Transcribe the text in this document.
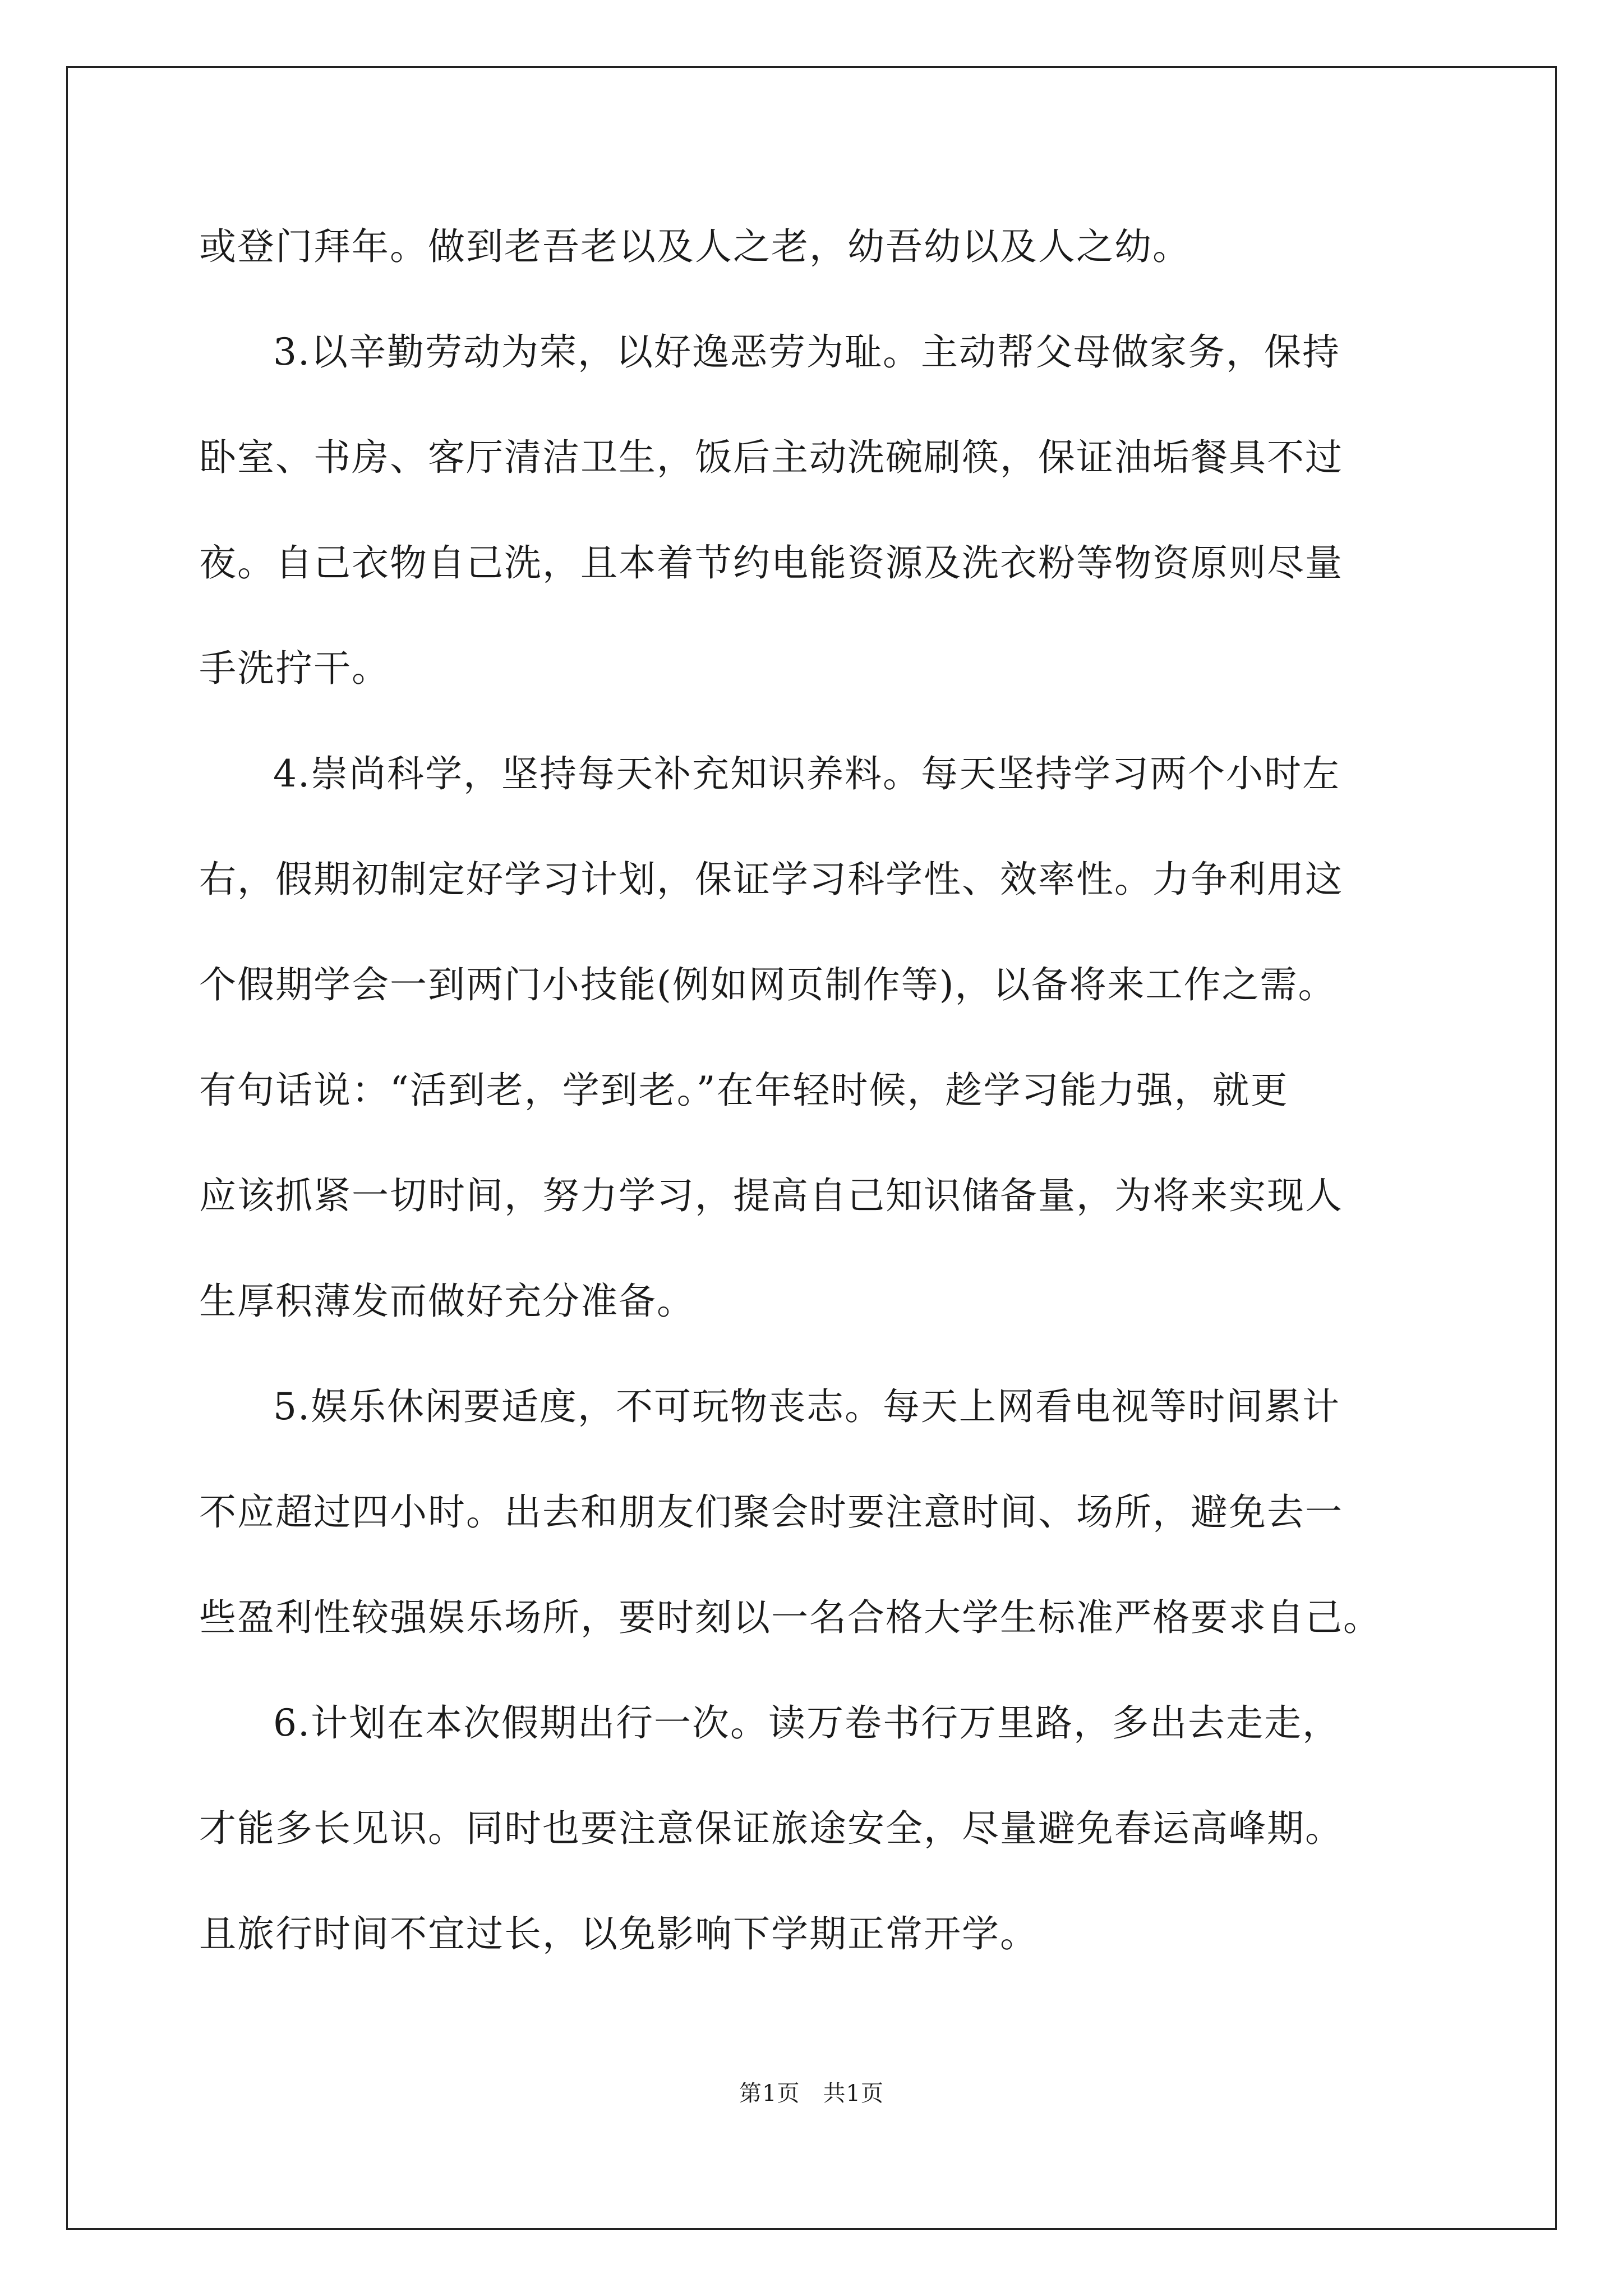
或登门拜年。做到老吾老以及人之老，幼吾幼以及人之幼。
3.以辛勤劳动为荣，以好逸恶劳为耻。主动帮父母做家务，保持
卧室、书房、客厅清洁卫生，饭后主动洗碗刷筷，保证油垢餐具不过
夜。自己衣物自己洗，且本着节约电能资源及洗衣粉等物资原则尽量
手洗拧干。
4.崇尚科学，坚持每天补充知识养料。每天坚持学习两个小时左
右，假期初制定好学习计划，保证学习科学性、效率性。力争利用这
个假期学会一到两门小技能(例如网页制作等)，以备将来工作之需。
有句话说：“活到老，学到老。”在年轻时候，趁学习能力强，就更
应该抓紧一切时间，努力学习，提高自己知识储备量，为将来实现人
生厚积薄发而做好充分准备。
5.娱乐休闲要适度，不可玩物丧志。每天上网看电视等时间累计
不应超过四小时。出去和朋友们聚会时要注意时间、场所，避免去一
些盈利性较强娱乐场所，要时刻以一名合格大学生标准严格要求自己。
6.计划在本次假期出行一次。读万卷书行万里路，多出去走走，
才能多长见识。同时也要注意保证旅途安全，尽量避免春运高峰期。
且旅行时间不宜过长，以免影响下学期正常开学。
第1页　共1页
